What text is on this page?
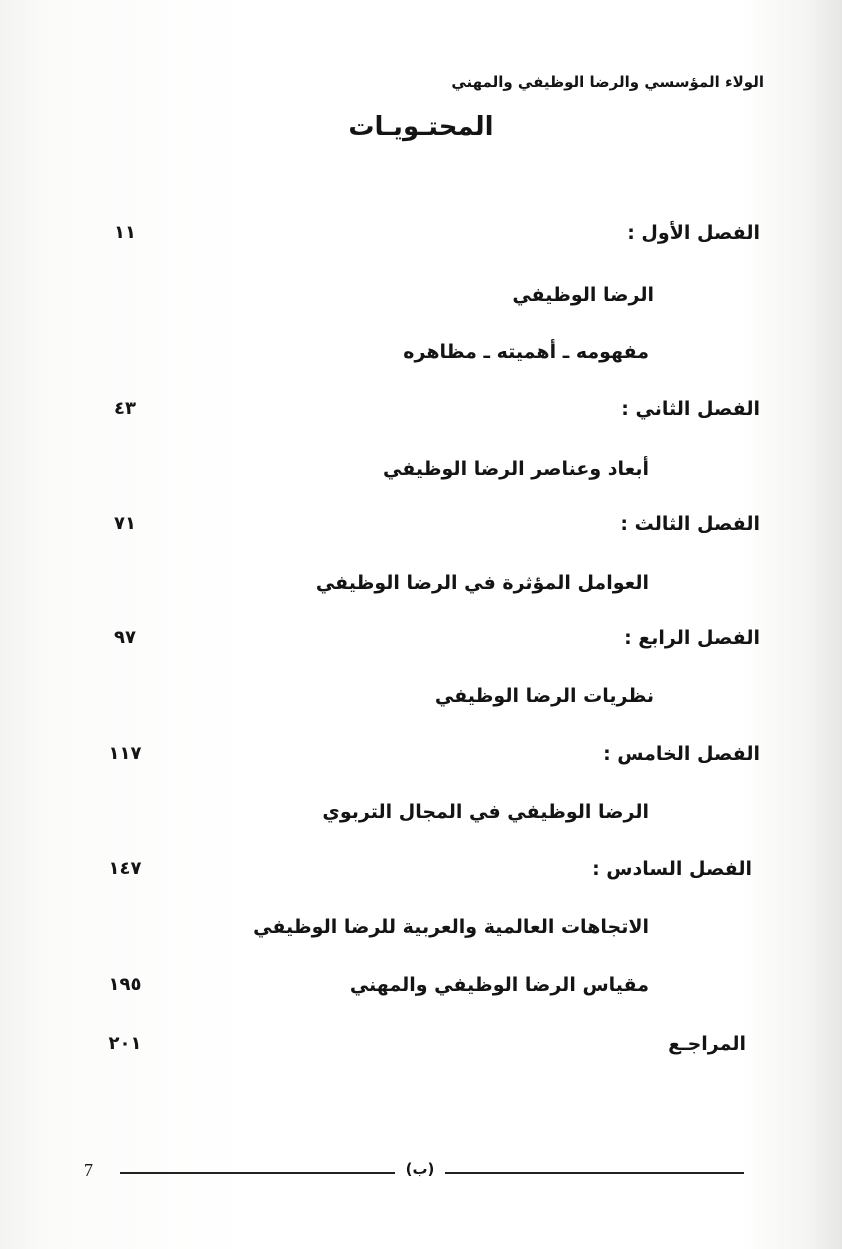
الولاء المؤسسي والرضا الوظيفي والمهني
المحتـويـات
الفصل الأول :
١١
الرضا الوظيفي
مفهومه ـ أهميته ـ مظاهره
الفصل الثاني :
٤٣
أبعاد وعناصر الرضا الوظيفي
الفصل الثالث :
٧١
العوامل المؤثرة في الرضا الوظيفي
الفصل الرابع :
٩٧
نظريات الرضا الوظيفي
الفصل الخامس :
١١٧
الرضا الوظيفي في المجال التربوي
الفصل السادس :
١٤٧
الاتجاهات العالمية والعربية للرضا الوظيفي
مقياس الرضا الوظيفي والمهني
١٩٥
المراجـع
٢٠١
7	(ب)
